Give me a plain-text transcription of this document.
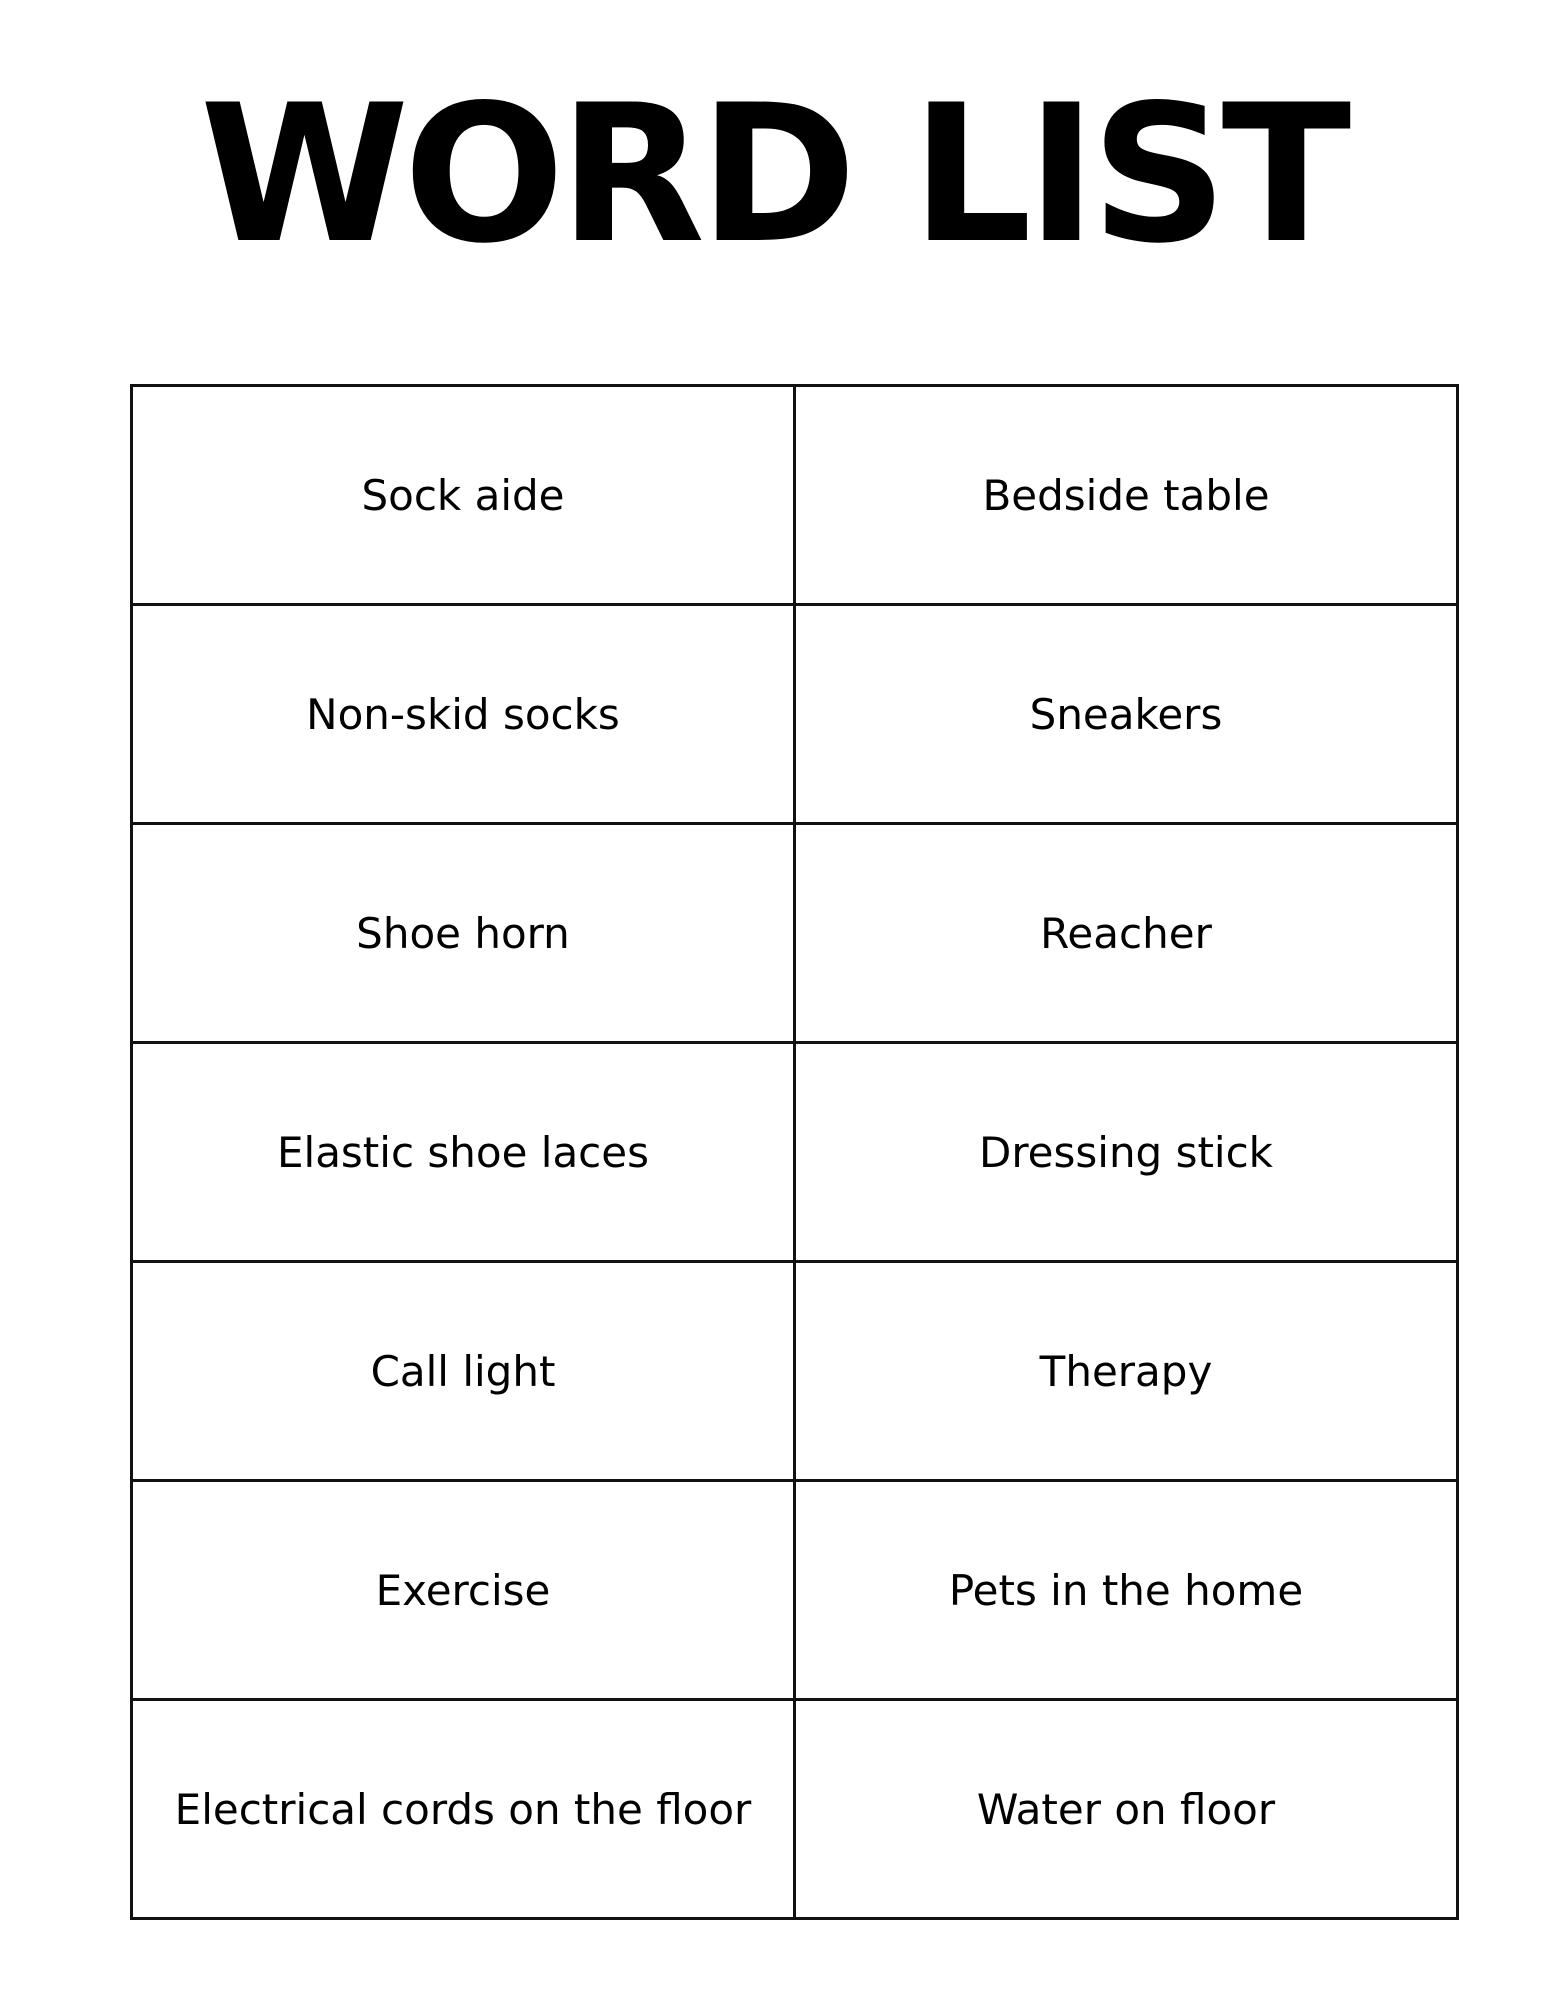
WORD LIST
Sock aide	Bedside table
Non-skid socks	Sneakers
Shoe horn	Reacher
Elastic shoe laces	Dressing stick
Call light	Therapy
Exercise	Pets in the home
Electrical cords on the floor	Water on floor
